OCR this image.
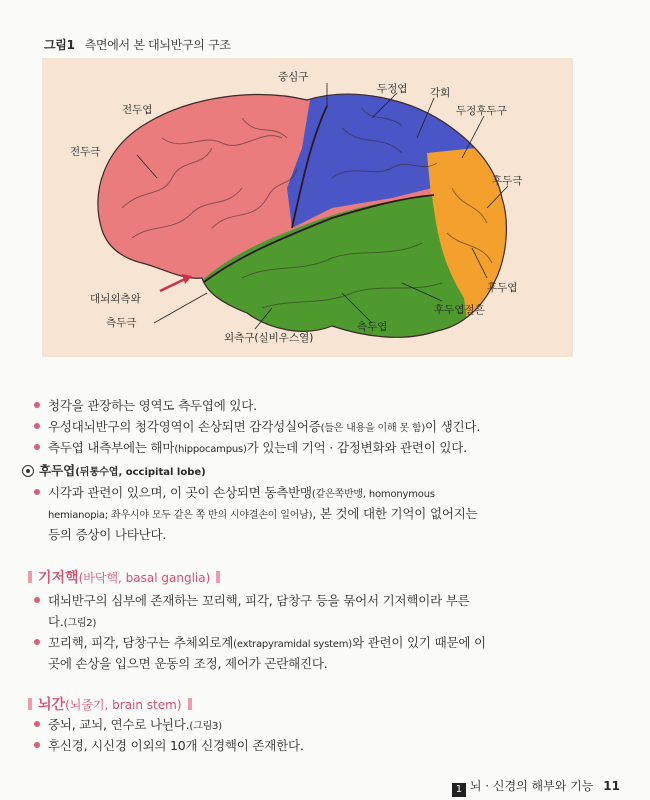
그림1 측면에서 본 대뇌반구의 구조
중심구
두정엽 각회
두정후두구
전두엽
전두극
후두극
후두엽
후두엽절흔
대뇌외측와
측두극	측두엽
외측구(실비우스열)
청각을 관장하는 영역도 측두엽에 있다.
우성대뇌반구의 청각영역이 손상되면 감각성실어증(들은 내용을 이해 못 함)이 생긴다.
측두엽 내측부에는 해마(hippocampus)가 있는데 기억 · 감정변화와 관련이 있다.
후두엽(뒤통수엽, occipital lobe)
시각과 관련이 있으며, 이 곳이 손상되면 동측반맹(같은쪽반맹, homonymous
hemianopia; 좌우시야 모두 같은 쪽 반의 시야결손이 일어남), 본 것에 대한 기억이 없어지는
등의 증상이 나타난다.
기저핵(바닥핵, basal ganglia)
대뇌반구의 심부에 존재하는 꼬리핵, 피각, 담창구 등을 묶어서 기저핵이라 부른
다.(그림2)
꼬리핵, 피각, 담창구는 추체외로계(extrapyramidal system)와 관련이 있기 때문에 이
곳에 손상을 입으면 운동의 조정, 제어가 곤란해진다.
뇌간(뇌줄기, brain stem)
중뇌, 교뇌, 연수로 나뉜다.(그림3)
후신경, 시신경 이외의 10개 신경핵이 존재한다.
1 뇌 · 신경의 해부와 기능 11
